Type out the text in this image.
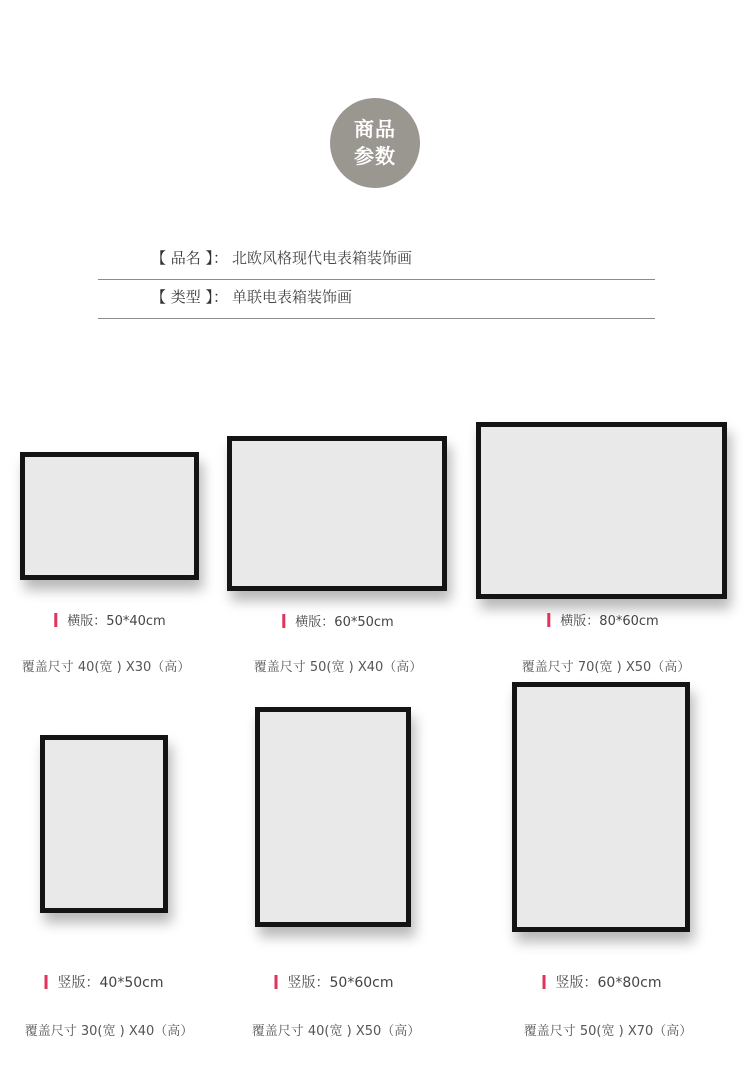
商品
参数
【 品名 】： 北欧风格现代电表箱装饰画
【 类型 】： 单联电表箱装饰画
横版：50*40cm	横版：60*50cm	横版：80*60cm
覆盖尺寸 40(宽 ) X30（高）	覆盖尺寸 50(宽 ) X40（高）	覆盖尺寸 70(宽 ) X50（高）
竖版：40*50cm	竖版：50*60cm	竖版：60*80cm
覆盖尺寸 30(宽 ) X40（高）	覆盖尺寸 40(宽 ) X50（高）	覆盖尺寸 50(宽 ) X70（高）
